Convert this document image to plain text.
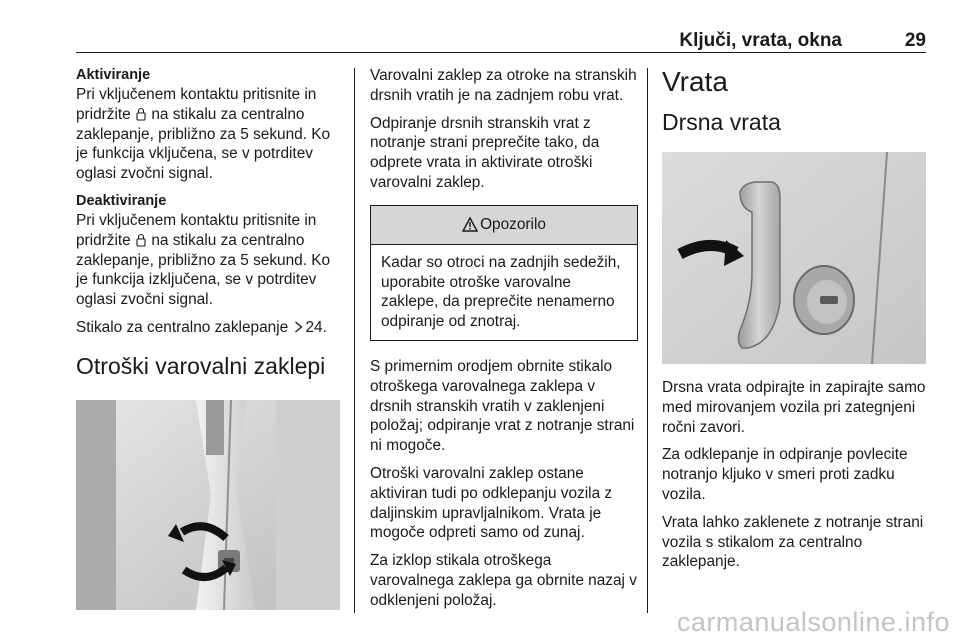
Ključi, vrata, okna	29
Aktiviranje

Pri vključenem kontaktu pritisnite in pridržite na stikalu za centralno zaklepanje, približno za 5 sekund. Ko je funkcija vključena, se v potrditev oglasi zvočni signal.

Deaktiviranje

Pri vključenem kontaktu pritisnite in pridržite na stikalu za centralno zaklepanje, približno za 5 sekund. Ko je funkcija izključena, se v potrditev oglasi zvočni signal.

Stikalo za centralno zaklepanje 24.

Otroški varovalni zaklepi

Varovalni zaklep za otroke na stranskih drsnih vratih je na zadnjem robu vrat.

Odpiranje drsnih stranskih vrat z notranje strani preprečite tako, da odprete vrata in aktivirate otroški varovalni zaklep.

Opozorilo
Kadar so otroci na zadnjih sedežih, uporabite otroške varovalne zaklepe, da preprečite nenamerno odpiranje od znotraj.

S primernim orodjem obrnite stikalo otroškega varovalnega zaklepa v drsnih stranskih vratih v zaklenjeni položaj; odpiranje vrat z notranje strani ni mogoče.

Otroški varovalni zaklep ostane aktiviran tudi po odklepanju vozila z daljinskim upravljalnikom. Vrata je mogoče odpreti samo od zunaj.

Za izklop stikala otroškega varovalnega zaklepa ga obrnite nazaj v odklenjeni položaj.

Vrata
Drsna vrata

Drsna vrata odpirajte in zapirajte samo med mirovanjem vozila pri zategnjeni ročni zavori.

Za odklepanje in odpiranje povlecite notranjo kljuko v smeri proti zadku vozila.

Vrata lahko zaklenete z notranje strani vozila s stikalom za centralno zaklepanje.

carmanualsonline.info
